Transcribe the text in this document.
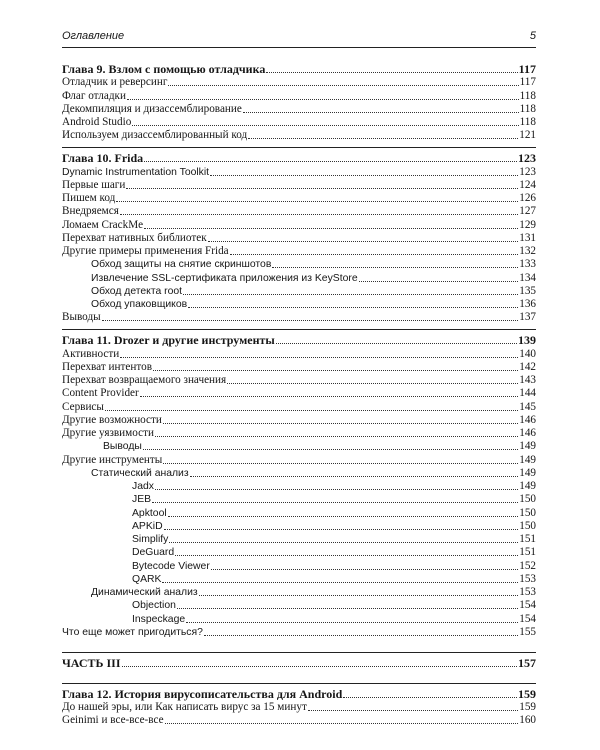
Оглавление	5
Глава 9. Взлом с помощью отладчика	117
Отладчик и реверсинг	117
Флаг отладки	118
Декомпиляция и дизассемблирование	118
Android Studio	118
Используем дизассемблированный код	121
Глава 10. Frida	123
Dynamic Instrumentation Toolkit	123
Первые шаги	124
Пишем код	126
Внедряемся	127
Ломаем CrackMe	129
Перехват нативных библиотек	131
Другие примеры применения Frida	132
Обход защиты на снятие скриншотов	133
Извлечение SSL-сертификата приложения из KeyStore	134
Обход детекта root	135
Обход упаковщиков	136
Выводы	137
Глава 11. Drozer и другие инструменты	139
Активности	140
Перехват интентов	142
Перехват возвращаемого значения	143
Content Provider	144
Сервисы	145
Другие возможности	146
Другие уязвимости	146
Выводы	149
Другие инструменты	149
Статический анализ	149
Jadx	149
JEB	150
Apktool	150
APKiD	150
Simplify	151
DeGuard	151
Bytecode Viewer	152
QARK	153
Динамический анализ	153
Objection	154
Inspeckage	154
Что еще может пригодиться?	155
ЧАСТЬ III	157
Глава 12. История вирусописательства для Android	159
До нашей эры, или Как написать вирус за 15 минут	159
Geinimi и все-все-все	160
